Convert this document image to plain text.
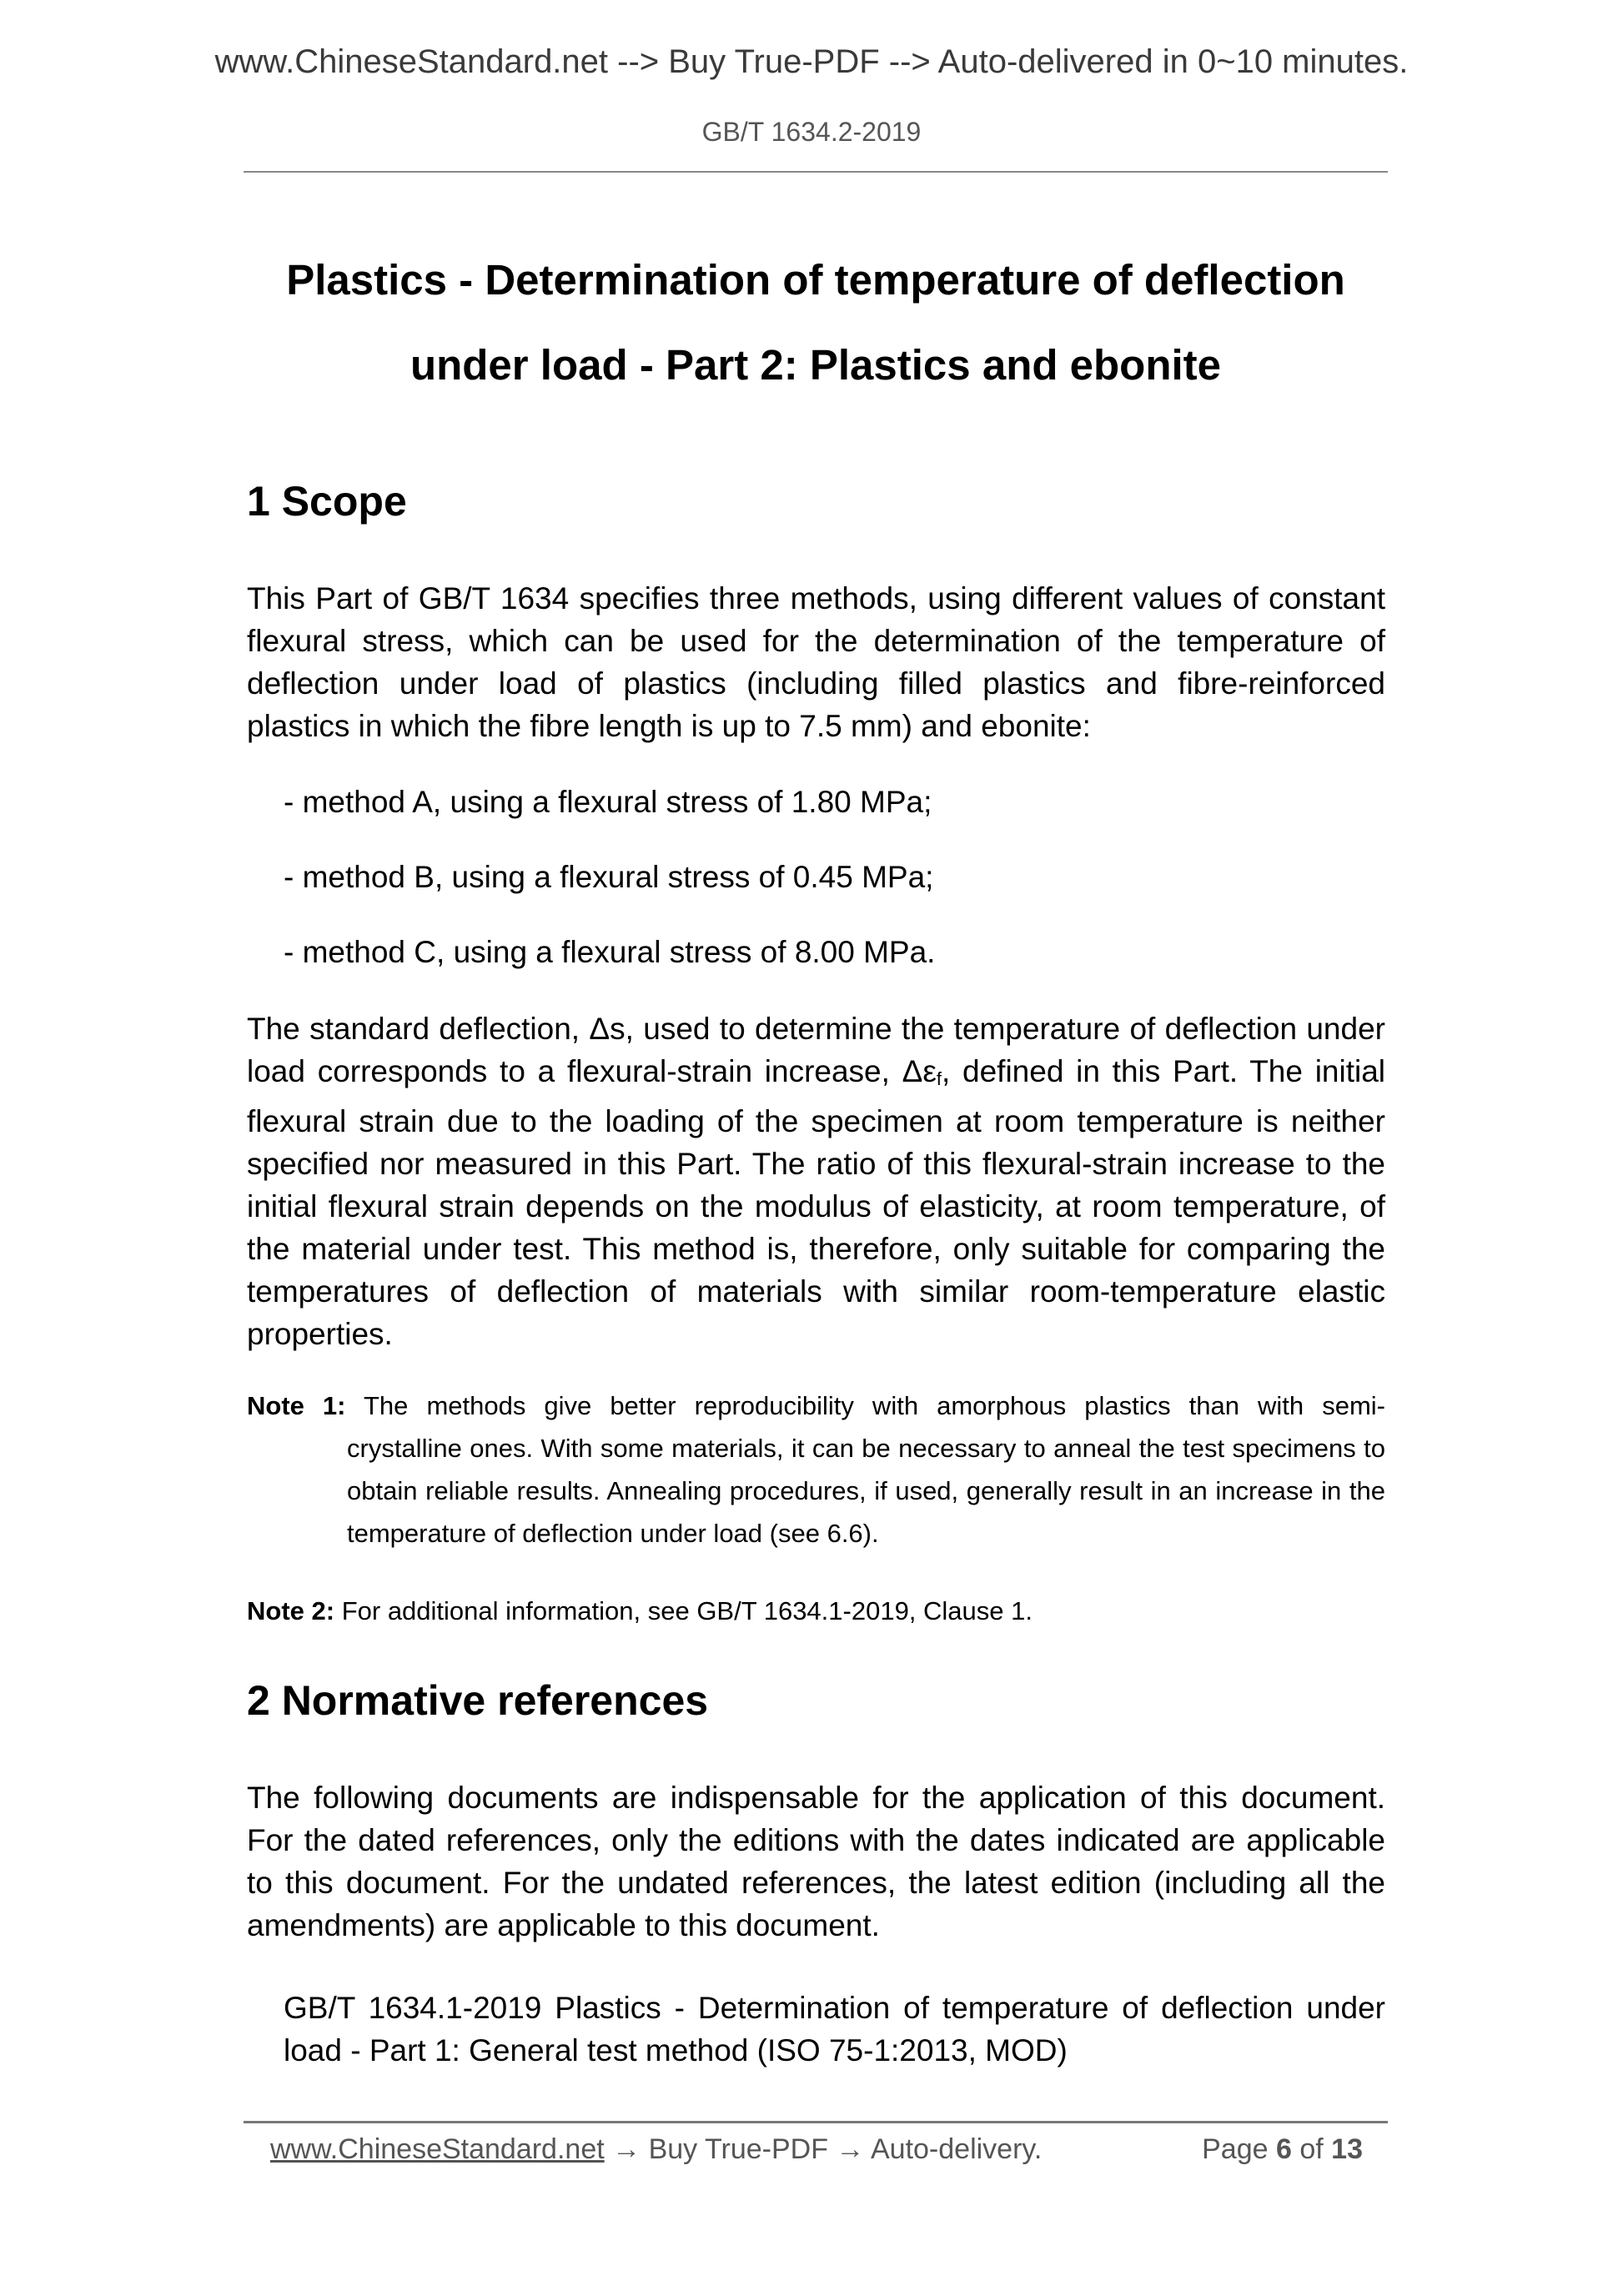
www.ChineseStandard.net --> Buy True-PDF --> Auto-delivered in 0~10 minutes.
GB/T 1634.2-2019
Plastics - Determination of temperature of deflection
under load - Part 2: Plastics and ebonite
1 Scope
This Part of GB/T 1634 specifies three methods, using different values of constant flexural stress, which can be used for the determination of the temperature of deflection under load of plastics (including filled plastics and fibre-reinforced plastics in which the fibre length is up to 7.5 mm) and ebonite:
- method A, using a flexural stress of 1.80 MPa;
- method B, using a flexural stress of 0.45 MPa;
- method C, using a flexural stress of 8.00 MPa.
The standard deflection, Δs, used to determine the temperature of deflection under load corresponds to a flexural-strain increase, $\Delta\varepsilon_f$, defined in this Part. The initial flexural strain due to the loading of the specimen at room temperature is neither specified nor measured in this Part. The ratio of this flexural-strain increase to the initial flexural strain depends on the modulus of elasticity, at room temperature, of the material under test. This method is, therefore, only suitable for comparing the temperatures of deflection of materials with similar room-temperature elastic properties.
Note 1: The methods give better reproducibility with amorphous plastics than with semi-
crystalline ones. With some materials, it can be necessary to anneal the test specimens to obtain reliable results. Annealing procedures, if used, generally result in an increase in the temperature of deflection under load (see 6.6).
Note 2: For additional information, see GB/T 1634.1-2019, Clause 1.
2 Normative references
The following documents are indispensable for the application of this document. For the dated references, only the editions with the dates indicated are applicable to this document. For the undated references, the latest edition (including all the amendments) are applicable to this document.
GB/T 1634.1-2019 Plastics - Determination of temperature of deflection under load - Part 1: General test method (ISO 75-1:2013, MOD)
www.ChineseStandard.net → Buy True-PDF → Auto-delivery.	Page 6 of 13
